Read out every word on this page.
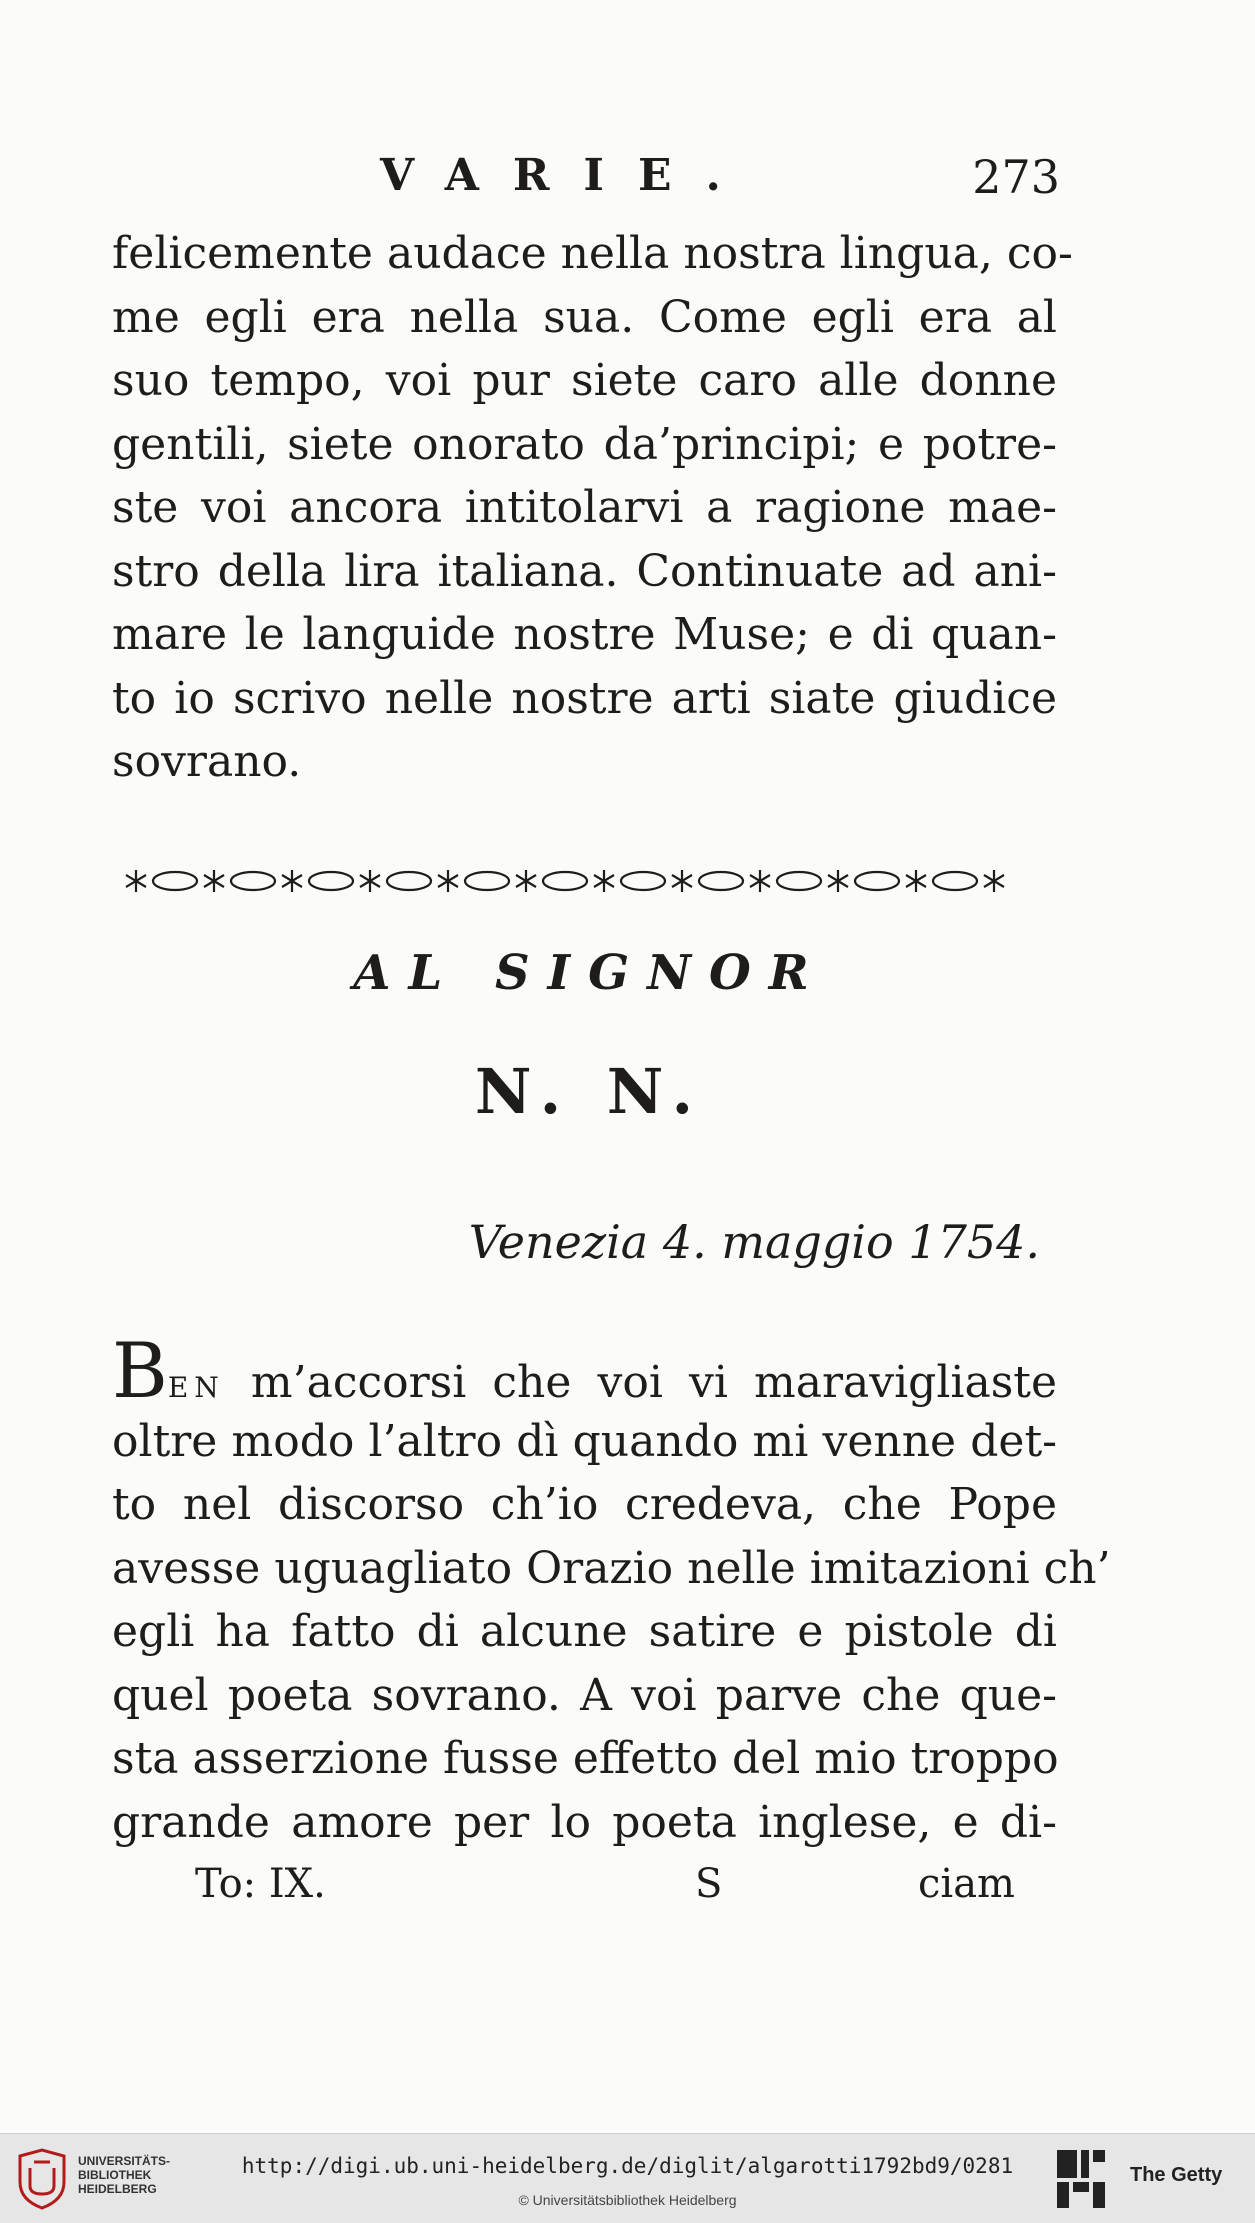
VARIE.	273
felicemente audace nella nostra lingua, co-
me egli era nella sua. Come egli era al
suo tempo, voi pur siete caro alle donne
gentili, siete onorato da’principi; e potre-
ste voi ancora intitolarvi a ragione mae-
stro della lira italiana. Continuate ad ani-
mare le languide nostre Muse; e di quan-
to io scrivo nelle nostre arti siate giudice
sovrano.
AL SIGNOR
N. N.
Venezia 4. maggio 1754.
BEN m’accorsi che voi vi maravigliaste
oltre modo l’altro dì quando mi venne det-
to nel discorso ch’io credeva, che Pope
avesse uguagliato Orazio nelle imitazioni ch’
egli ha fatto di alcune satire e pistole di
quel poeta sovrano. A voi parve che que-
sta asserzione fusse effetto del mio troppo
grande amore per lo poeta inglese, e di-
To: IX.	S	ciam
UNIVERSITÄTS-
BIBLIOTHEK
HEIDELBERG
http://digi.ub.uni-heidelberg.de/diglit/algarotti1792bd9/0281
© Universitätsbibliothek Heidelberg
The Getty
